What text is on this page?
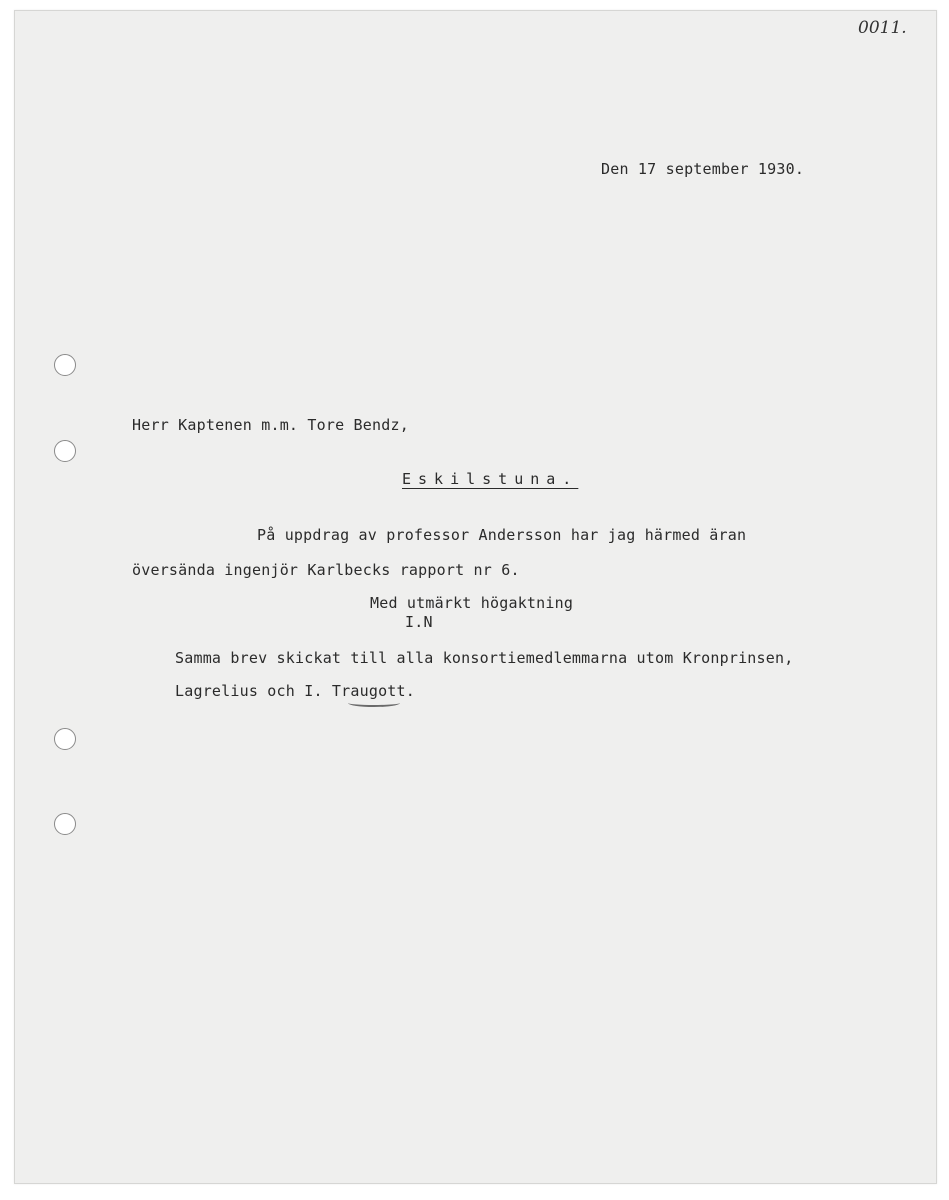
0011.
Den 17 september 1930.
Herr Kaptenen m.m. Tore Bendz,
Eskilstuna.
På uppdrag av professor Andersson har jag härmed äran
översända ingenjör Karlbecks rapport nr 6.
Med utmärkt högaktning
I.N
Samma brev skickat till alla konsortiemedlemmarna utom Kronprinsen,
Lagrelius och I. Traugott.
